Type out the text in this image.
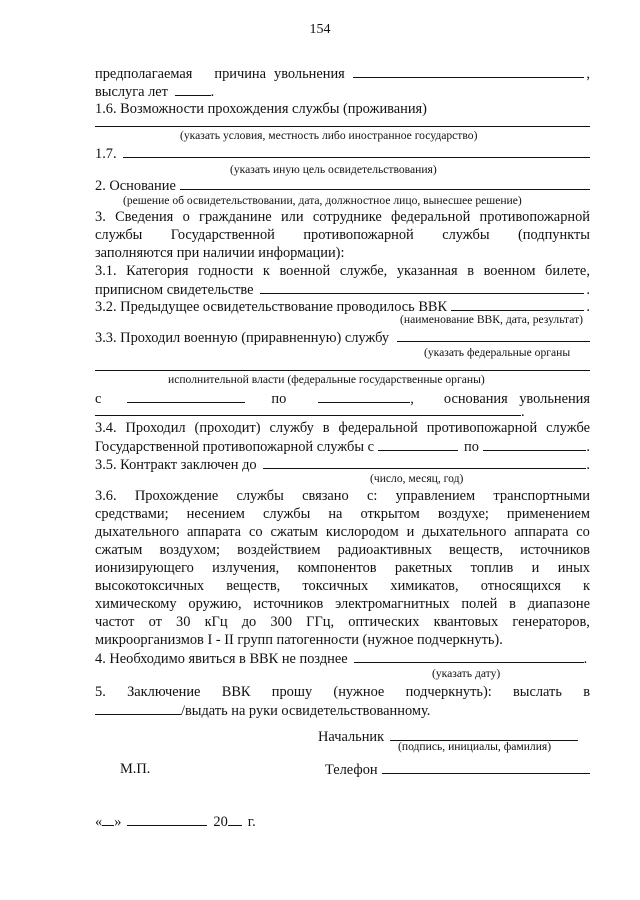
154
предполагаемая причина увольнения	,
выслуга лет	.
1.6. Возможности прохождения службы (проживания)
(указать условия, местность либо иностранное государство)
1.7.
(указать иную цель освидетельствования)
2. Основание
(решение об освидетельствовании, дата, должностное лицо, вынесшее решение)
3. Сведения о гражданине или сотруднике федеральной противопожарной
службы Государственной противопожарной службы (подпункты
заполняются при наличии информации):
3.1. Категория годности к военной службе, указанная в военном билете,
приписном свидетельстве	.
3.2. Предыдущее освидетельствование проводилось ВВК	.
(наименование ВВК, дата, результат)
3.3. Проходил военную (приравненную) службу
(указать федеральные органы
исполнительной власти (федеральные государственные органы)
с	по	, основания увольнения
.
3.4. Проходил (проходит) службу в федеральной противопожарной службе
Государственной противопожарной службы с	по	.
3.5. Контракт заключен до	.
(число, месяц, год)
3.6. Прохождение службы связано с: управлением транспортными
средствами; несением службы на открытом воздухе; применением
дыхательного аппарата со сжатым кислородом и дыхательного аппарата со
сжатым воздухом; воздействием радиоактивных веществ, источников
ионизирующего излучения, компонентов ракетных топлив и иных
высокотоксичных веществ, токсичных химикатов, относящихся к
химическому оружию, источников электромагнитных полей в диапазоне
частот от 30 кГц до 300 ГГц, оптических квантовых генераторов,
микроорганизмов I - II групп патогенности (нужное подчеркнуть).
4. Необходимо явиться в ВВК не позднее	.
(указать дату)
5. Заключение ВВК прошу (нужное подчеркнуть): выслать в
/выдать на руки освидетельствованному.
Начальник
(подпись, инициалы, фамилия)
М.П.	Телефон
« »	20 г.
